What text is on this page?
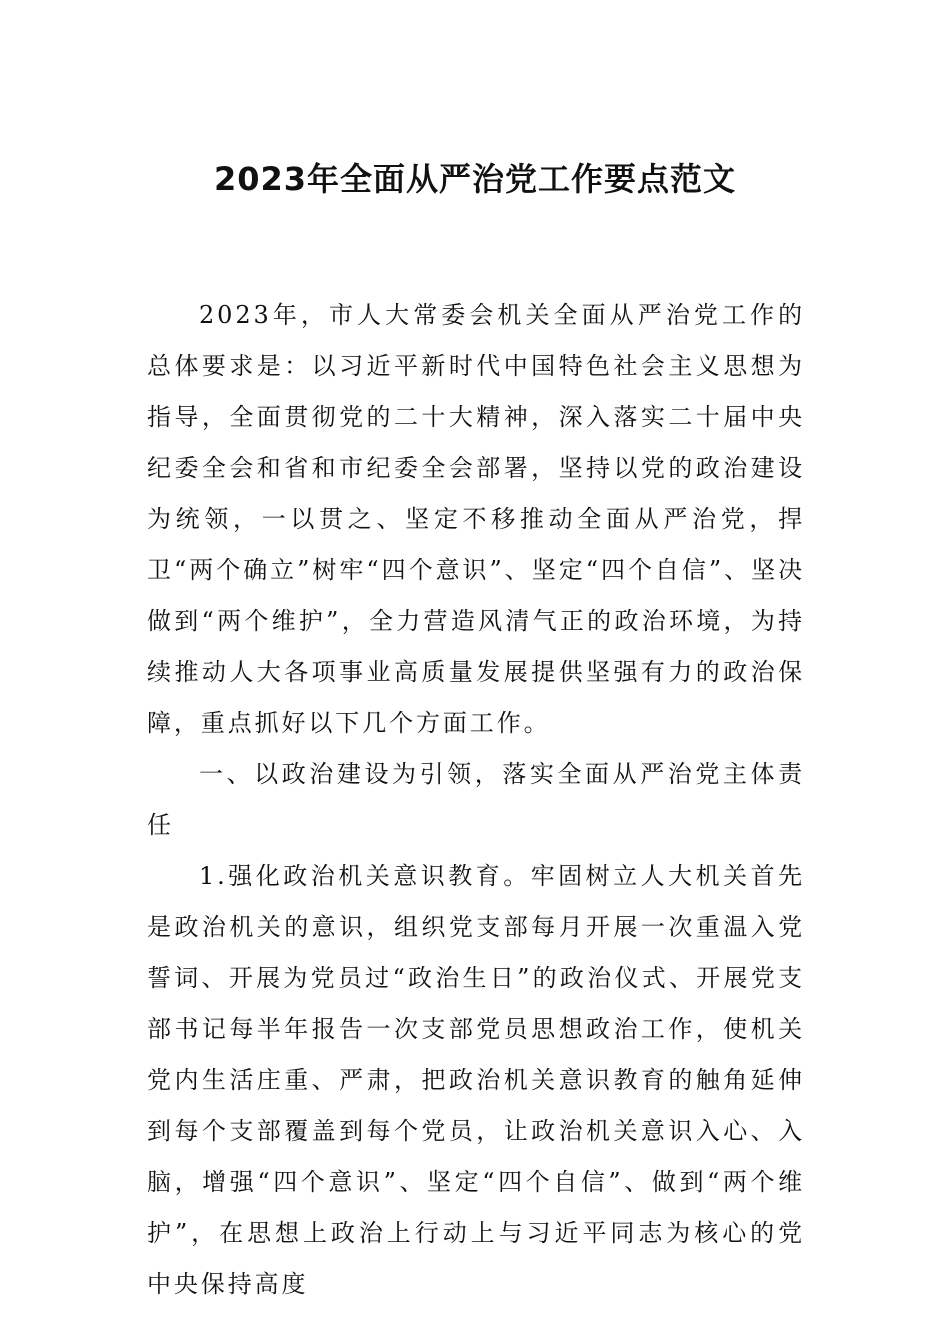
2023年全面从严治党工作要点范文

2023年，市人大常委会机关全面从严治党工作的总体要求是：以习近平新时代中国特色社会主义思想为指导，全面贯彻党的二十大精神，深入落实二十届中央纪委全会和省和市纪委全会部署，坚持以党的政治建设为统领，一以贯之、坚定不移推动全面从严治党，捍卫“两个确立”树牢“四个意识”、坚定“四个自信”、坚决做到“两个维护”，全力营造风清气正的政治环境，为持续推动人大各项事业高质量发展提供坚强有力的政治保障，重点抓好以下几个方面工作。

一、以政治建设为引领，落实全面从严治党主体责任

1.强化政治机关意识教育。牢固树立人大机关首先是政治机关的意识，组织党支部每月开展一次重温入党誓词、开展为党员过“政治生日”的政治仪式、开展党支部书记每半年报告一次支部党员思想政治工作，使机关党内生活庄重、严肃，把政治机关意识教育的触角延伸到每个支部覆盖到每个党员，让政治机关意识入心、入脑，增强“四个意识”、坚定“四个自信”、做到“两个维护”，在思想上政治上行动上与习近平同志为核心的党中央保持高度
